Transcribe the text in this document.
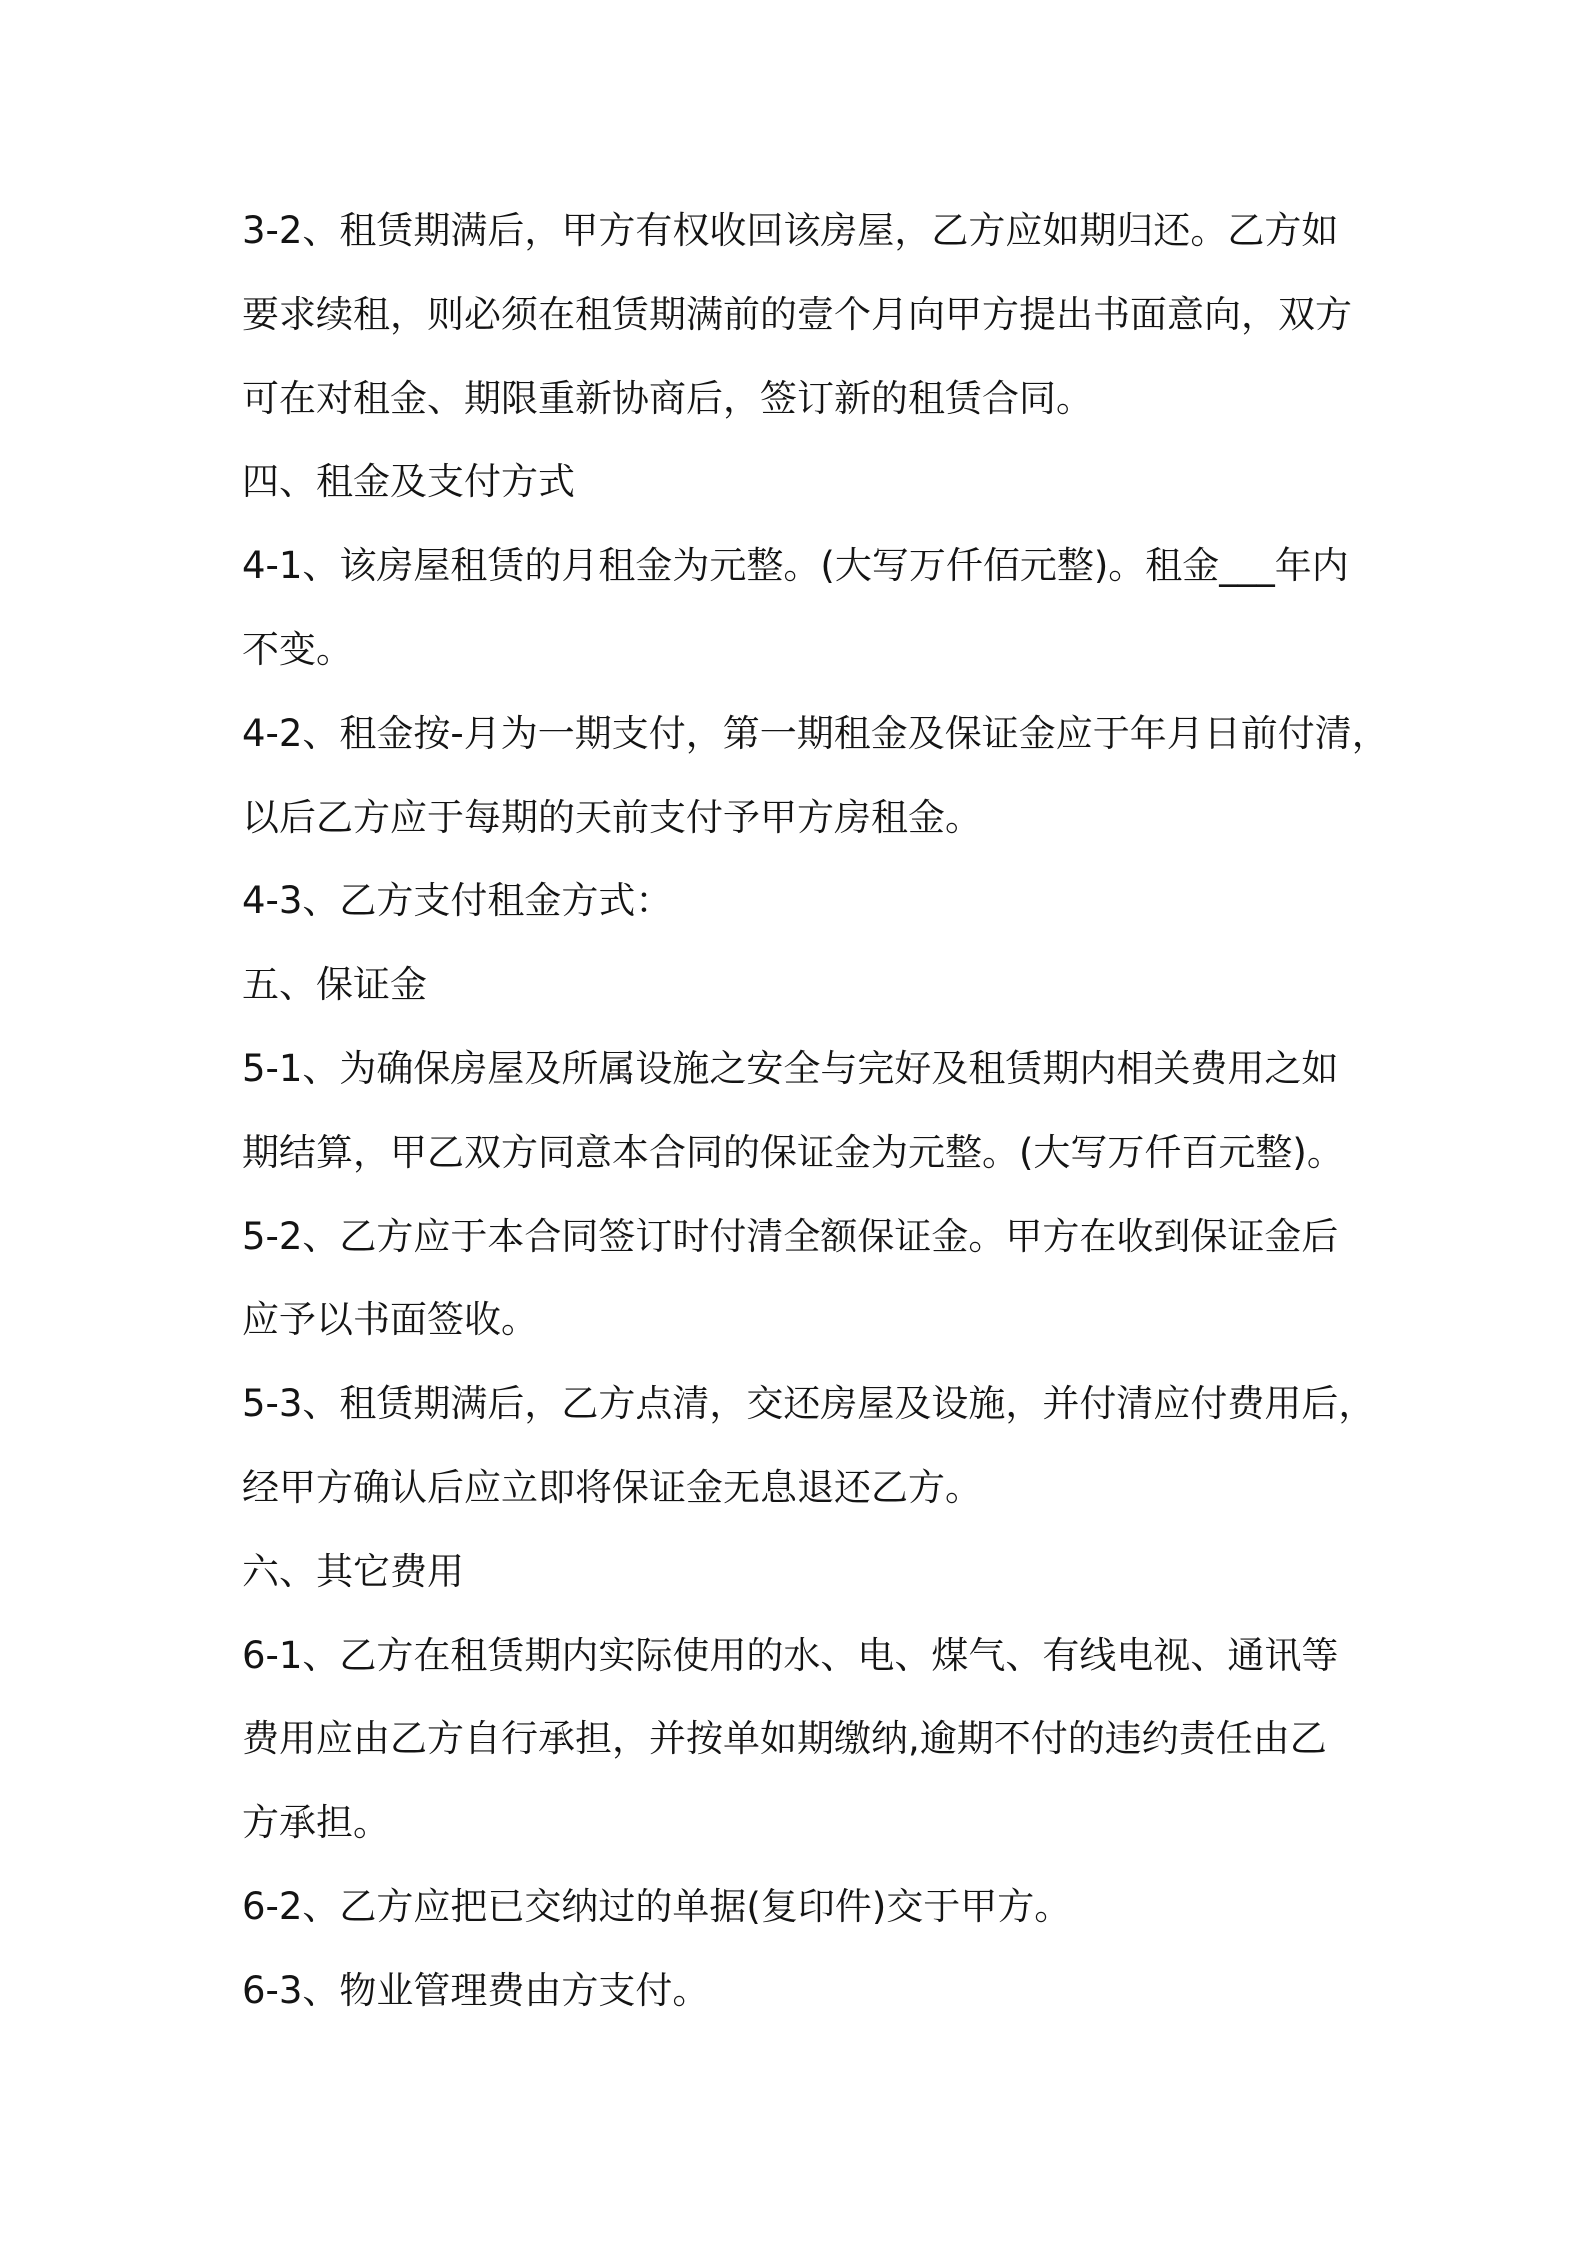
3-2、租赁期满后，甲方有权收回该房屋，乙方应如期归还。乙方如
要求续租，则必须在租赁期满前的壹个月向甲方提出书面意向，双方
可在对租金、期限重新协商后，签订新的租赁合同。
四、租金及支付方式
4-1、该房屋租赁的月租金为元整。(大写万仟佰元整)。租金___年内
不变。
4-2、租金按-月为一期支付，第一期租金及保证金应于年月日前付清，
以后乙方应于每期的天前支付予甲方房租金。
4-3、乙方支付租金方式：
五、保证金
5-1、为确保房屋及所属设施之安全与完好及租赁期内相关费用之如
期结算，甲乙双方同意本合同的保证金为元整。(大写万仟百元整)。
5-2、乙方应于本合同签订时付清全额保证金。甲方在收到保证金后
应予以书面签收。
5-3、租赁期满后，乙方点清，交还房屋及设施，并付清应付费用后，
经甲方确认后应立即将保证金无息退还乙方。
六、其它费用
6-1、乙方在租赁期内实际使用的水、电、煤气、有线电视、通讯等
费用应由乙方自行承担，并按单如期缴纳,逾期不付的违约责任由乙
方承担。
6-2、乙方应把已交纳过的单据(复印件)交于甲方。
6-3、物业管理费由方支付。
